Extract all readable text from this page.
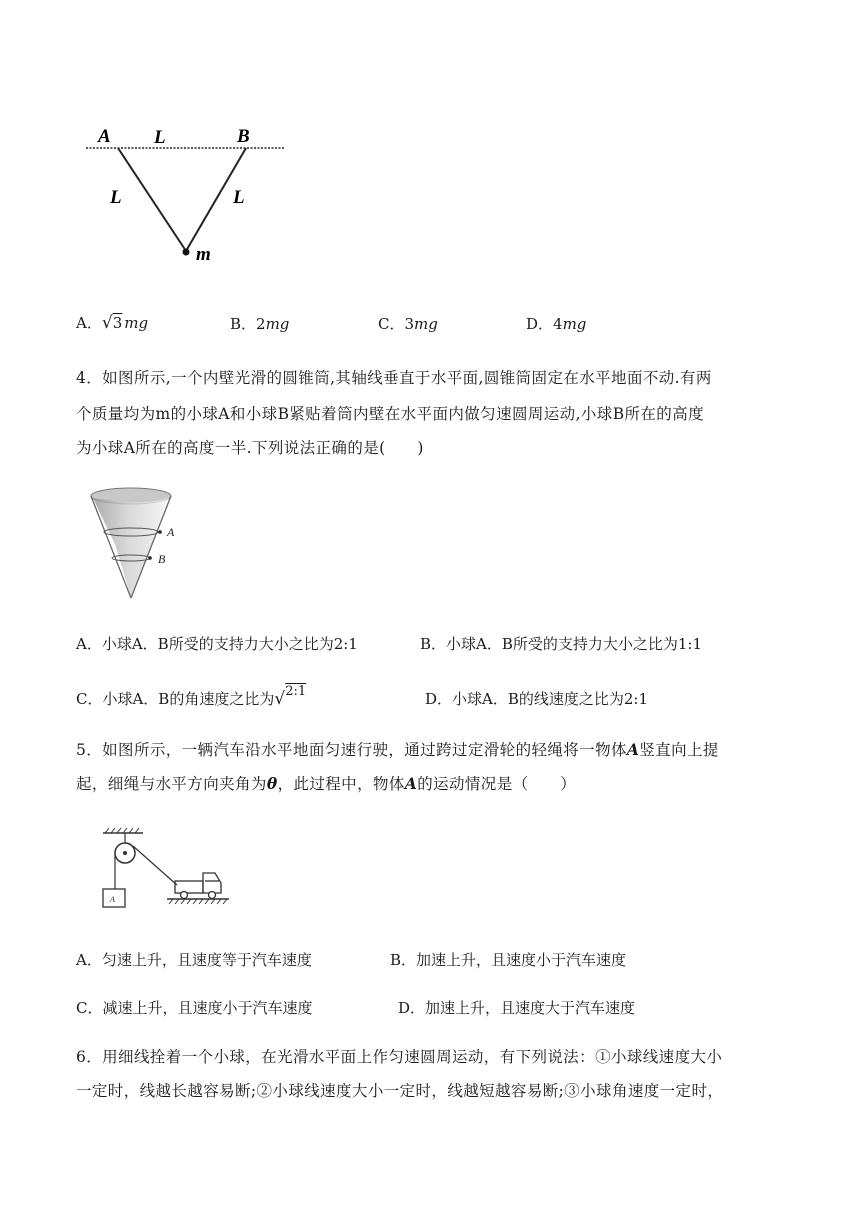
A L	B
L	L
m
A．√3 mg	B．2mg	C．3mg	D．4mg
4．如图所示,一个内壁光滑的圆锥筒,其轴线垂直于水平面,圆锥筒固定在水平地面不动.有两
个质量均为m的小球A和小球B紧贴着筒内壁在水平面内做匀速圆周运动,小球B所在的高度
为小球A所在的高度一半.下列说法正确的是(　　)
A
B
A．小球A．B所受的支持力大小之比为2:1	B．小球A．B所受的支持力大小之比为1:1
C．小球A．B的角速度之比为√2:1	D．小球A．B的线速度之比为2:1
5．如图所示，一辆汽车沿水平地面匀速行驶，通过跨过定滑轮的轻绳将一物体A竖直向上提
起，细绳与水平方向夹角为θ，此过程中，物体A的运动情况是（　　）
A
A．匀速上升，且速度等于汽车速度	B．加速上升，且速度小于汽车速度
C．减速上升，且速度小于汽车速度	D．加速上升，且速度大于汽车速度
6．用细线拴着一个小球，在光滑水平面上作匀速圆周运动，有下列说法：①小球线速度大小
一定时，线越长越容易断;②小球线速度大小一定时，线越短越容易断;③小球角速度一定时，
